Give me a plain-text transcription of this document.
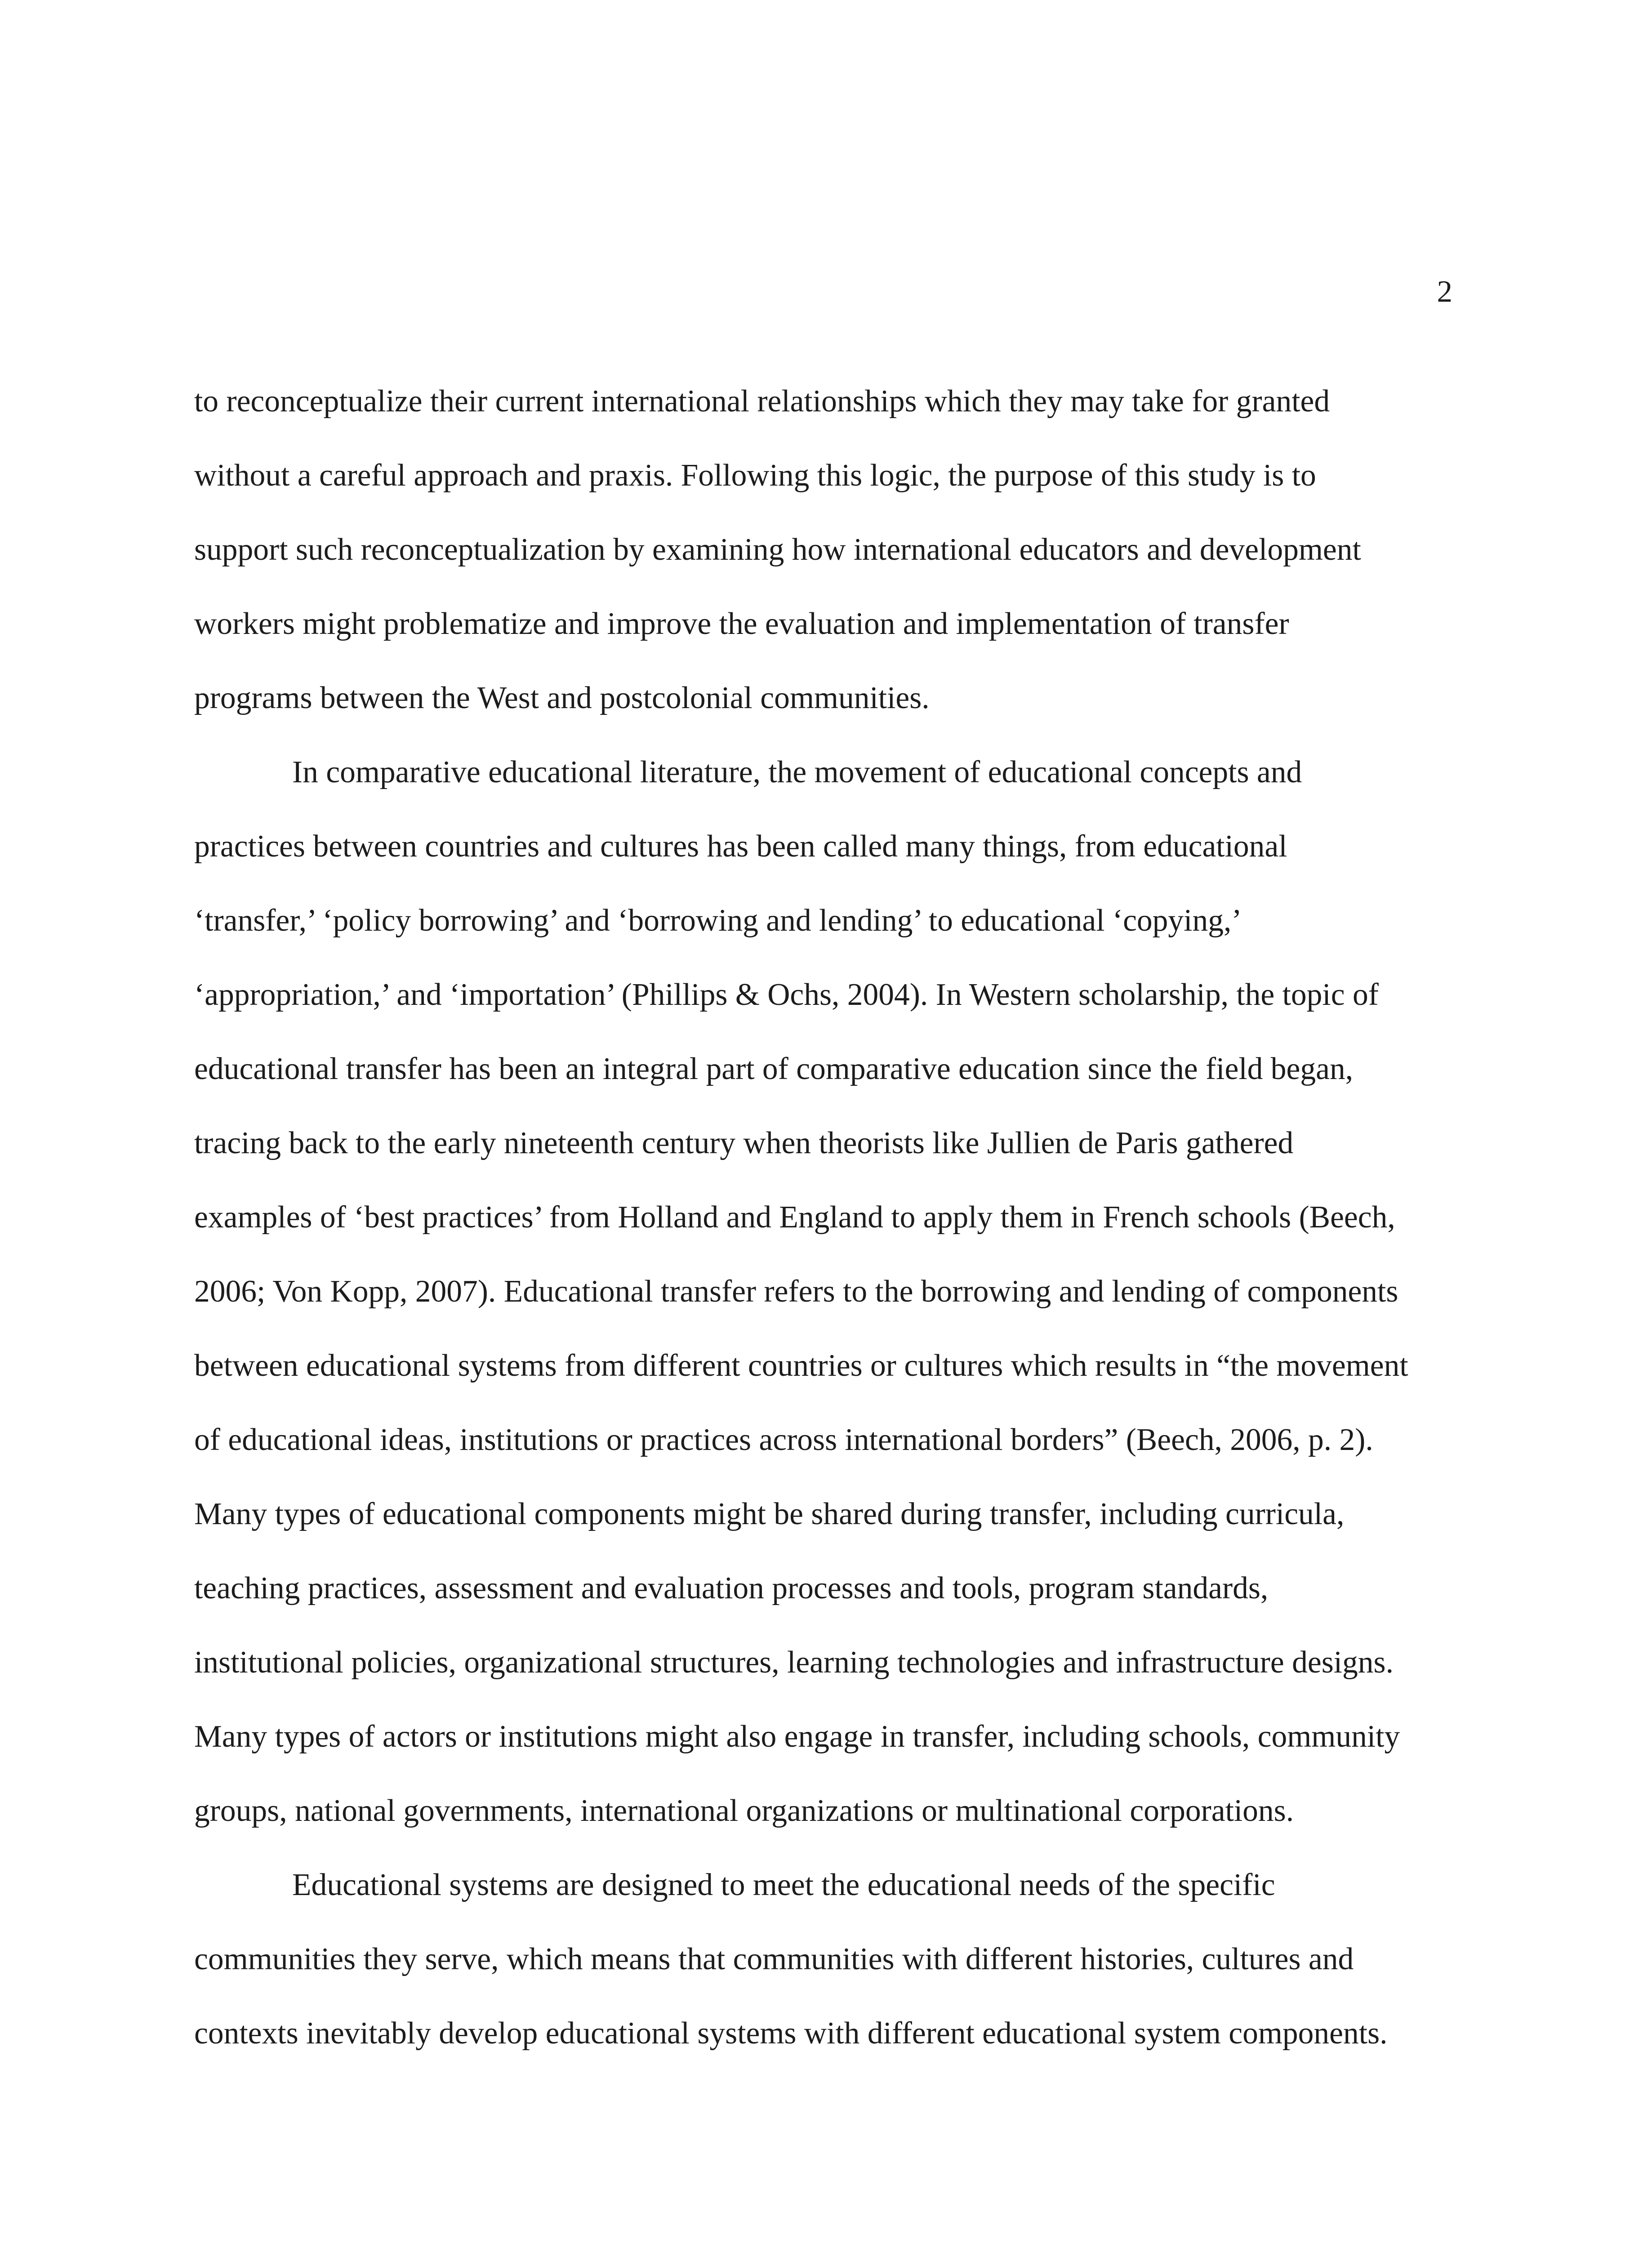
2
to reconceptualize their current international relationships which they may take for granted
without a careful approach and praxis. Following this logic, the purpose of this study is to
support such reconceptualization by examining how international educators and development
workers might problematize and improve the evaluation and implementation of transfer
programs between the West and postcolonial communities.
In comparative educational literature, the movement of educational concepts and
practices between countries and cultures has been called many things, from educational
‘transfer,’ ‘policy borrowing’ and ‘borrowing and lending’ to educational ‘copying,’
‘appropriation,’ and ‘importation’ (Phillips & Ochs, 2004). In Western scholarship, the topic of
educational transfer has been an integral part of comparative education since the field began,
tracing back to the early nineteenth century when theorists like Jullien de Paris gathered
examples of ‘best practices’ from Holland and England to apply them in French schools (Beech,
2006; Von Kopp, 2007). Educational transfer refers to the borrowing and lending of components
between educational systems from different countries or cultures which results in “the movement
of educational ideas, institutions or practices across international borders” (Beech, 2006, p. 2).
Many types of educational components might be shared during transfer, including curricula,
teaching practices, assessment and evaluation processes and tools, program standards,
institutional policies, organizational structures, learning technologies and infrastructure designs.
Many types of actors or institutions might also engage in transfer, including schools, community
groups, national governments, international organizations or multinational corporations.
Educational systems are designed to meet the educational needs of the specific
communities they serve, which means that communities with different histories, cultures and
contexts inevitably develop educational systems with different educational system components.
